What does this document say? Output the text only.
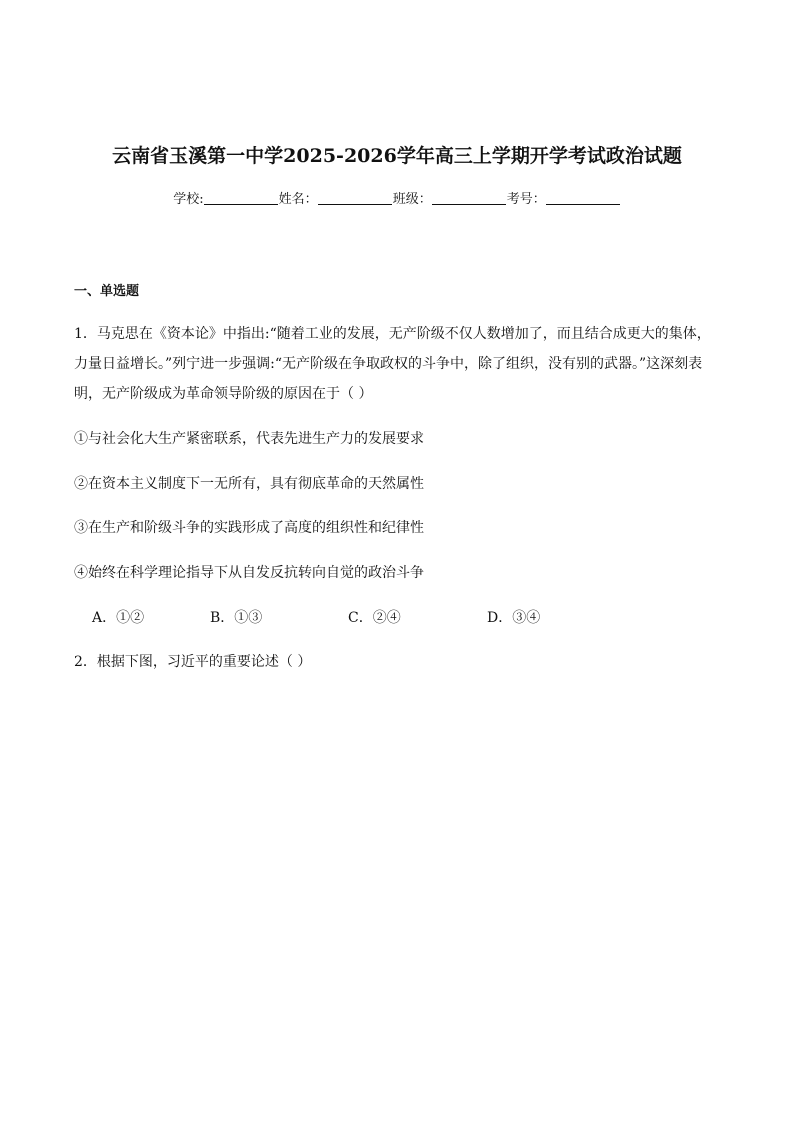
云南省玉溪第一中学2025-2026学年高三上学期开学考试政治试题
学校:	姓名：	班级：	考号：
一、单选题
1．马克思在《资本论》中指出:“随着工业的发展，无产阶级不仅人数增加了，而且结合成更大的集体，力量日益增长。”列宁进一步强调:“无产阶级在争取政权的斗争中，除了组织，没有别的武器。”这深刻表明，无产阶级成为革命领导阶级的原因在于（ ）
①与社会化大生产紧密联系，代表先进生产力的发展要求
②在资本主义制度下一无所有，具有彻底革命的天然属性
③在生产和阶级斗争的实践形成了高度的组织性和纪律性
④始终在科学理论指导下从自发反抗转向自觉的政治斗争
A．①②	B．①③	C．②④	D．③④
2．根据下图，习近平的重要论述（ ）
